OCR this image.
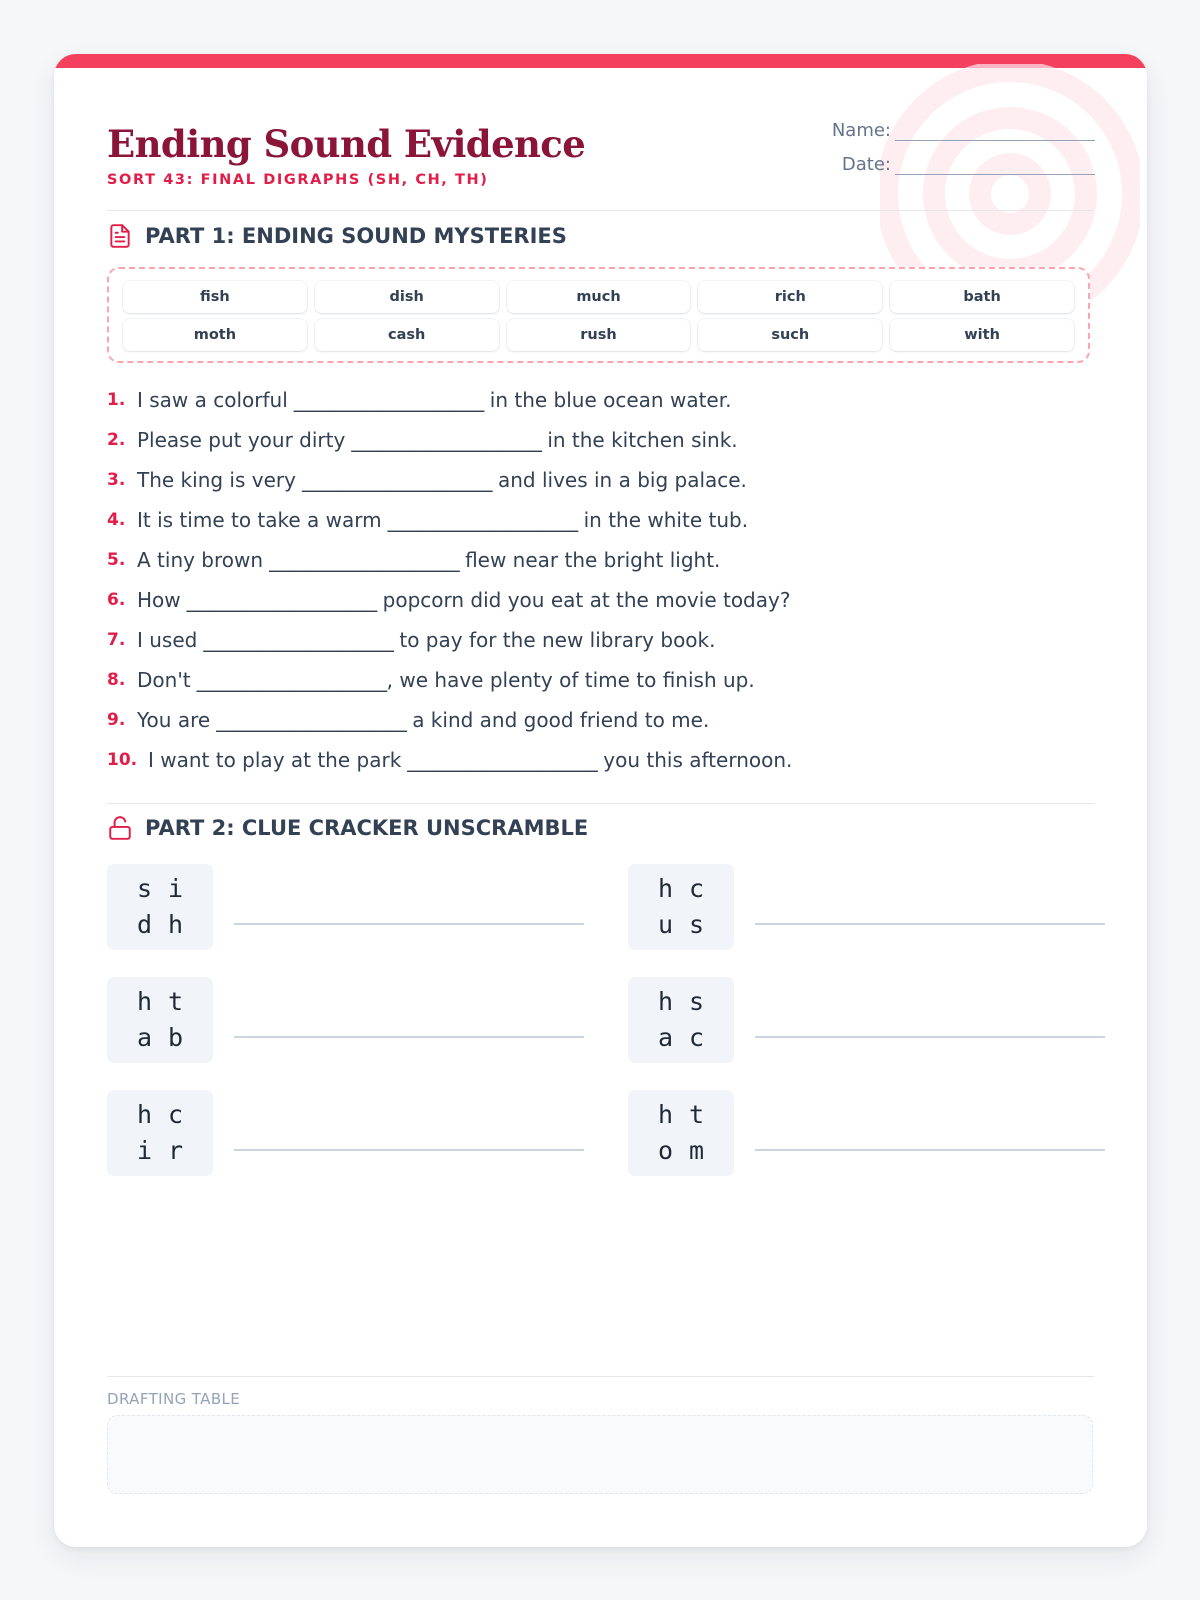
Ending Sound Evidence
SORT 43: FINAL DIGRAPHS (SH, CH, TH)
Name:
Date:
PART 1: ENDING SOUND MYSTERIES
fish	dish	much	rich	bath
moth	cash	rush	such	with
1. I saw a colorful ____________________ in the blue ocean water.
2. Please put your dirty ____________________ in the kitchen sink.
3. The king is very ____________________ and lives in a big palace.
4. It is time to take a warm ____________________ in the white tub.
5. A tiny brown ____________________ flew near the bright light.
6. How ____________________ popcorn did you eat at the movie today?
7. I used ____________________ to pay for the new library book.
8. Don't ____________________ , we have plenty of time to finish up.
9. You are ____________________ a kind and good friend to me.
10. I want to play at the park ____________________ you this afternoon.
PART 2: CLUE CRACKER UNSCRAMBLE
s i
d h
h c
u s
h t
a b
h s
a c
h c
i r
h t
o m
DRAFTING TABLE
